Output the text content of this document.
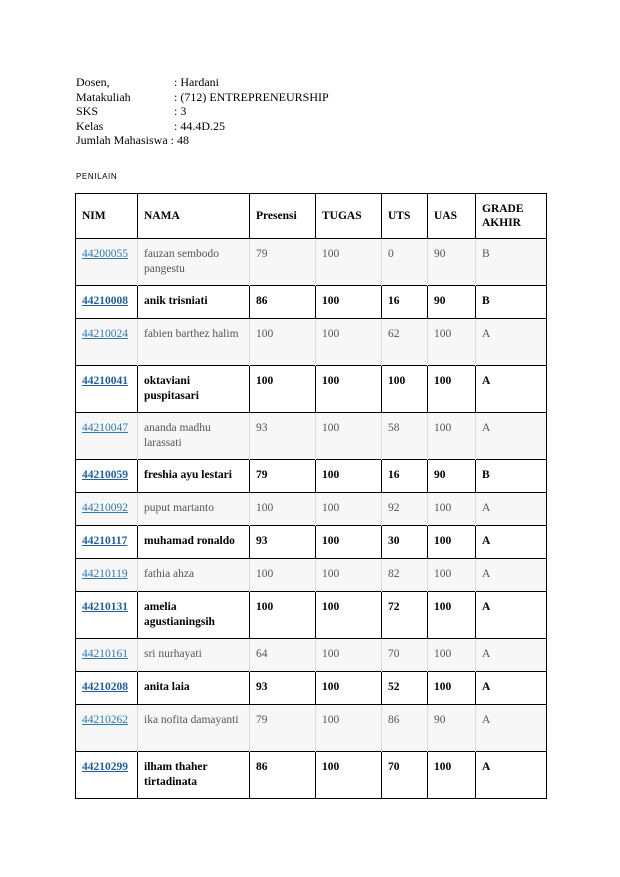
Dosen,	: Hardani
Matakuliah	: (712) ENTREPRENEURSHIP
SKS	: 3
Kelas	: 44.4D.25
Jumlah Mahasiswa : 48
PENILAIN
NIM	NAMA	Presensi	TUGAS	UTS	UAS	GRADE AKHIR
44200055	fauzan sembodo pangestu	79	100	0	90	B
44210008	anik trisniati	86	100	16	90	B
44210024	fabien barthez halim	100	100	62	100	A
44210041	oktaviani puspitasari	100	100	100	100	A
44210047	ananda madhu larassati	93	100	58	100	A
44210059	freshia ayu lestari	79	100	16	90	B
44210092	puput martanto	100	100	92	100	A
44210117	muhamad ronaldo	93	100	30	100	A
44210119	fathia ahza	100	100	82	100	A
44210131	amelia agustianingsih	100	100	72	100	A
44210161	sri nurhayati	64	100	70	100	A
44210208	anita laia	93	100	52	100	A
44210262	ika nofita damayanti	79	100	86	90	A
44210299	ilham thaher tirtadinata	86	100	70	100	A
